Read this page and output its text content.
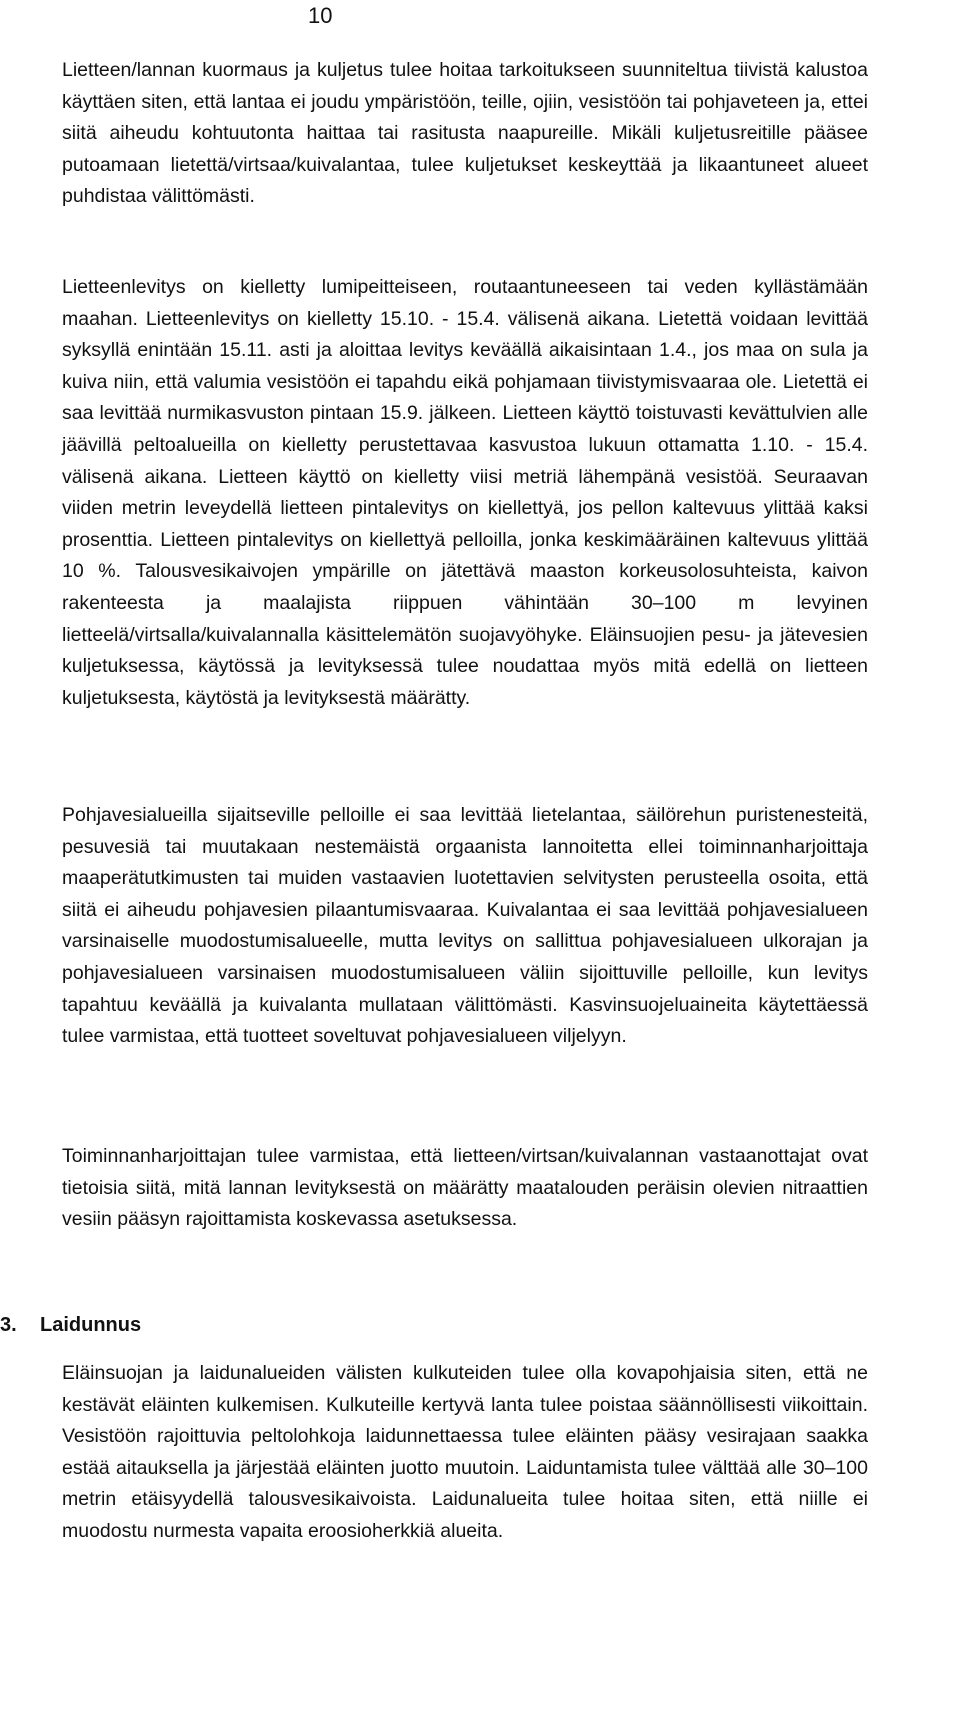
10

Lietteen/lannan kuormaus ja kuljetus tulee hoitaa tarkoitukseen suunniteltua tiivistä kalustoa käyttäen siten, että lantaa ei joudu ympäristöön, teille, ojiin, vesistöön tai pohjaveteen ja, ettei siitä aiheudu kohtuutonta haittaa tai rasitusta naapureille. Mikäli kuljetusreitille pääsee putoamaan lietettä/virtsaa/kuivalantaa, tulee kuljetukset keskeyttää ja likaantuneet alueet puhdistaa välittömästi.

Lietteenlevitys on kielletty lumipeitteiseen, routaantuneeseen tai veden kyllästämään maahan. Lietteenlevitys on kielletty 15.10. - 15.4. välisenä aikana. Lietettä voidaan levittää syksyllä enintään 15.11. asti ja aloittaa levitys keväällä aikaisintaan 1.4., jos maa on sula ja kuiva niin, että valumia vesistöön ei tapahdu eikä pohjamaan tiivistymisvaaraa ole. Lietettä ei saa levittää nurmikasvuston pintaan 15.9. jälkeen. Lietteen käyttö toistuvasti kevättulvien alle jäävillä peltoalueilla on kielletty perustettavaa kasvustoa lukuun ottamatta 1.10. - 15.4. välisenä aikana. Lietteen käyttö on kielletty viisi metriä lähempänä vesistöä. Seuraavan viiden metrin leveydellä lietteen pintalevitys on kiellettyä, jos pellon kaltevuus ylittää kaksi prosenttia. Lietteen pintalevitys on kiellettyä pelloilla, jonka keskimääräinen kaltevuus ylittää 10 %. Talousvesikaivojen ympärille on jätettävä maaston korkeusolosuhteista, kaivon rakenteesta ja maalajista riippuen vähintään 30–100 m levyinen lietteelä/virtsalla/kuivalannalla käsittelemätön suojavyöhyke. Eläinsuojien pesu- ja jätevesien kuljetuksessa, käytössä ja levityksessä tulee noudattaa myös mitä edellä on lietteen kuljetuksesta, käytöstä ja levityksestä määrätty.

Pohjavesialueilla sijaitseville pelloille ei saa levittää lietelantaa, säilörehun puristenesteitä, pesuvesiä tai muutakaan nestemäistä orgaanista lannoitetta ellei toiminnanharjoittaja maaperätutkimusten tai muiden vastaavien luotettavien selvitysten perusteella osoita, että siitä ei aiheudu pohjavesien pilaantumisvaaraa. Kuivalantaa ei saa levittää pohjavesialueen varsinaiselle muodostumisalueelle, mutta levitys on sallittua pohjavesialueen ulkorajan ja pohjavesialueen varsinaisen muodostumisalueen väliin sijoittuville pelloille, kun levitys tapahtuu keväällä ja kuivalanta mullataan välittömästi. Kasvinsuojeluaineita käytettäessä tulee varmistaa, että tuotteet soveltuvat pohjavesialueen viljelyyn.

Toiminnanharjoittajan tulee varmistaa, että lietteen/virtsan/kuivalannan vastaanottajat ovat tietoisia siitä, mitä lannan levityksestä on määrätty maatalouden peräisin olevien nitraattien vesiin pääsyn rajoittamista koskevassa asetuksessa.

3. Laidunnus

Eläinsuojan ja laidunalueiden välisten kulkuteiden tulee olla kovapohjaisia siten, että ne kestävät eläinten kulkemisen. Kulkuteille kertyvä lanta tulee poistaa säännöllisesti viikoittain. Vesistöön rajoittuvia peltolohkoja laidunnettaessa tulee eläinten pääsy vesirajaan saakka estää aitauksella ja järjestää eläinten juotto muutoin. Laiduntamista tulee välttää alle 30–100 metrin etäisyydellä talousvesikaivoista. Laidunalueita tulee hoitaa siten, että niille ei muodostu nurmesta vapaita eroosioherkkiä alueita.
